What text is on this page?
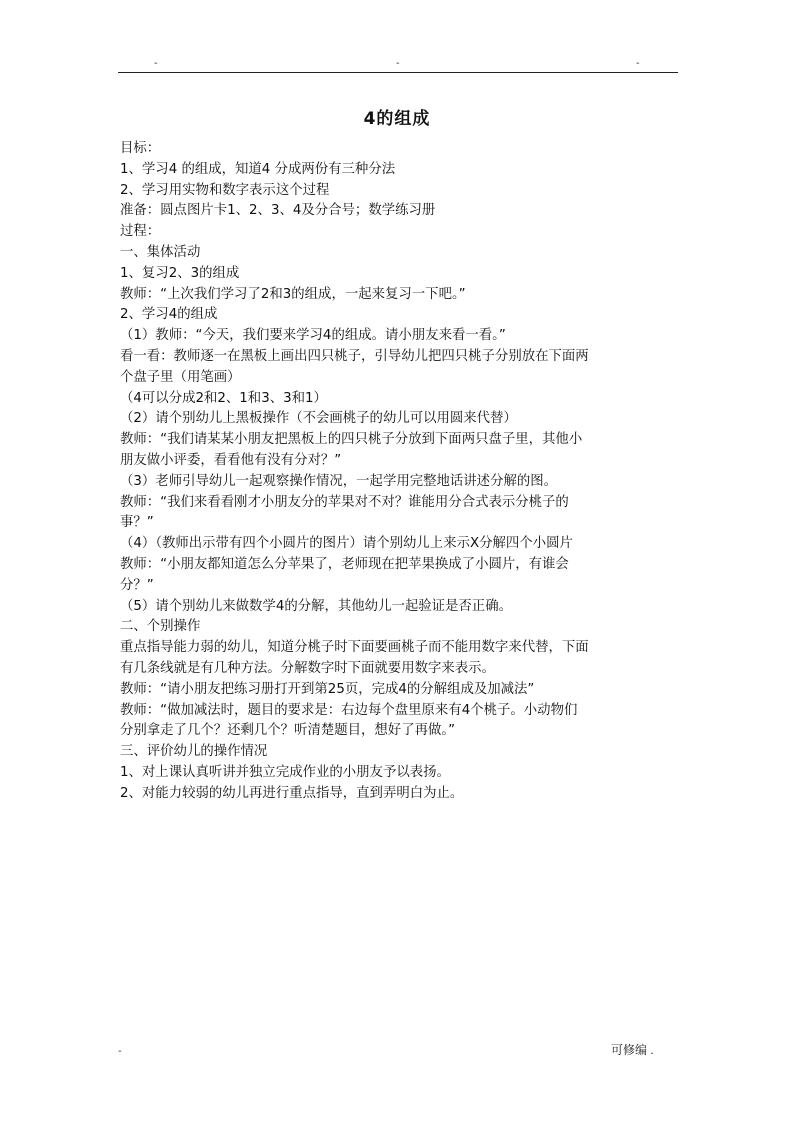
-	-	-
4的组成
目标：
1、学习4 的组成，知道4 分成两份有三种分法
2、学习用实物和数字表示这个过程
准备：圆点图片卡1、2、3、4及分合号；数学练习册
过程：
一、集体活动
1、复习2、3的组成
教师：“上次我们学习了2和3的组成，一起来复习一下吧。”
2、学习4的组成
（1）教师：“今天，我们要来学习4的组成。请小朋友来看一看。”
看一看：教师逐一在黑板上画出四只桃子，引导幼儿把四只桃子分别放在下面两
个盘子里（用笔画）
（4可以分成2和2、1和3、3和1）
（2）请个别幼儿上黑板操作（不会画桃子的幼儿可以用圆来代替）
教师：“我们请某某小朋友把黑板上的四只桃子分放到下面两只盘子里，其他小
朋友做小评委，看看他有没有分对？”
（3）老师引导幼儿一起观察操作情况，一起学用完整地话讲述分解的图。
教师：“我们来看看刚才小朋友分的苹果对不对？谁能用分合式表示分桃子的
事？”
（4）（教师出示带有四个小圆片的图片）请个别幼儿上来示X分解四个小圆片
教师：“小朋友都知道怎么分苹果了，老师现在把苹果换成了小圆片，有谁会
分？”
（5）请个别幼儿来做数学4的分解，其他幼儿一起验证是否正确。
二、个别操作
重点指导能力弱的幼儿，知道分桃子时下面要画桃子而不能用数字来代替，下面
有几条线就是有几种方法。分解数字时下面就要用数字来表示。
教师：“请小朋友把练习册打开到第25页，完成4的分解组成及加减法”
教师：“做加减法时，题目的要求是：右边每个盘里原来有4个桃子。小动物们
分别拿走了几个？还剩几个？听清楚题目，想好了再做。”
三、评价幼儿的操作情况
1、对上课认真听讲并独立完成作业的小朋友予以表扬。
2、对能力较弱的幼儿再进行重点指导，直到弄明白为止。
-	可修编 .
